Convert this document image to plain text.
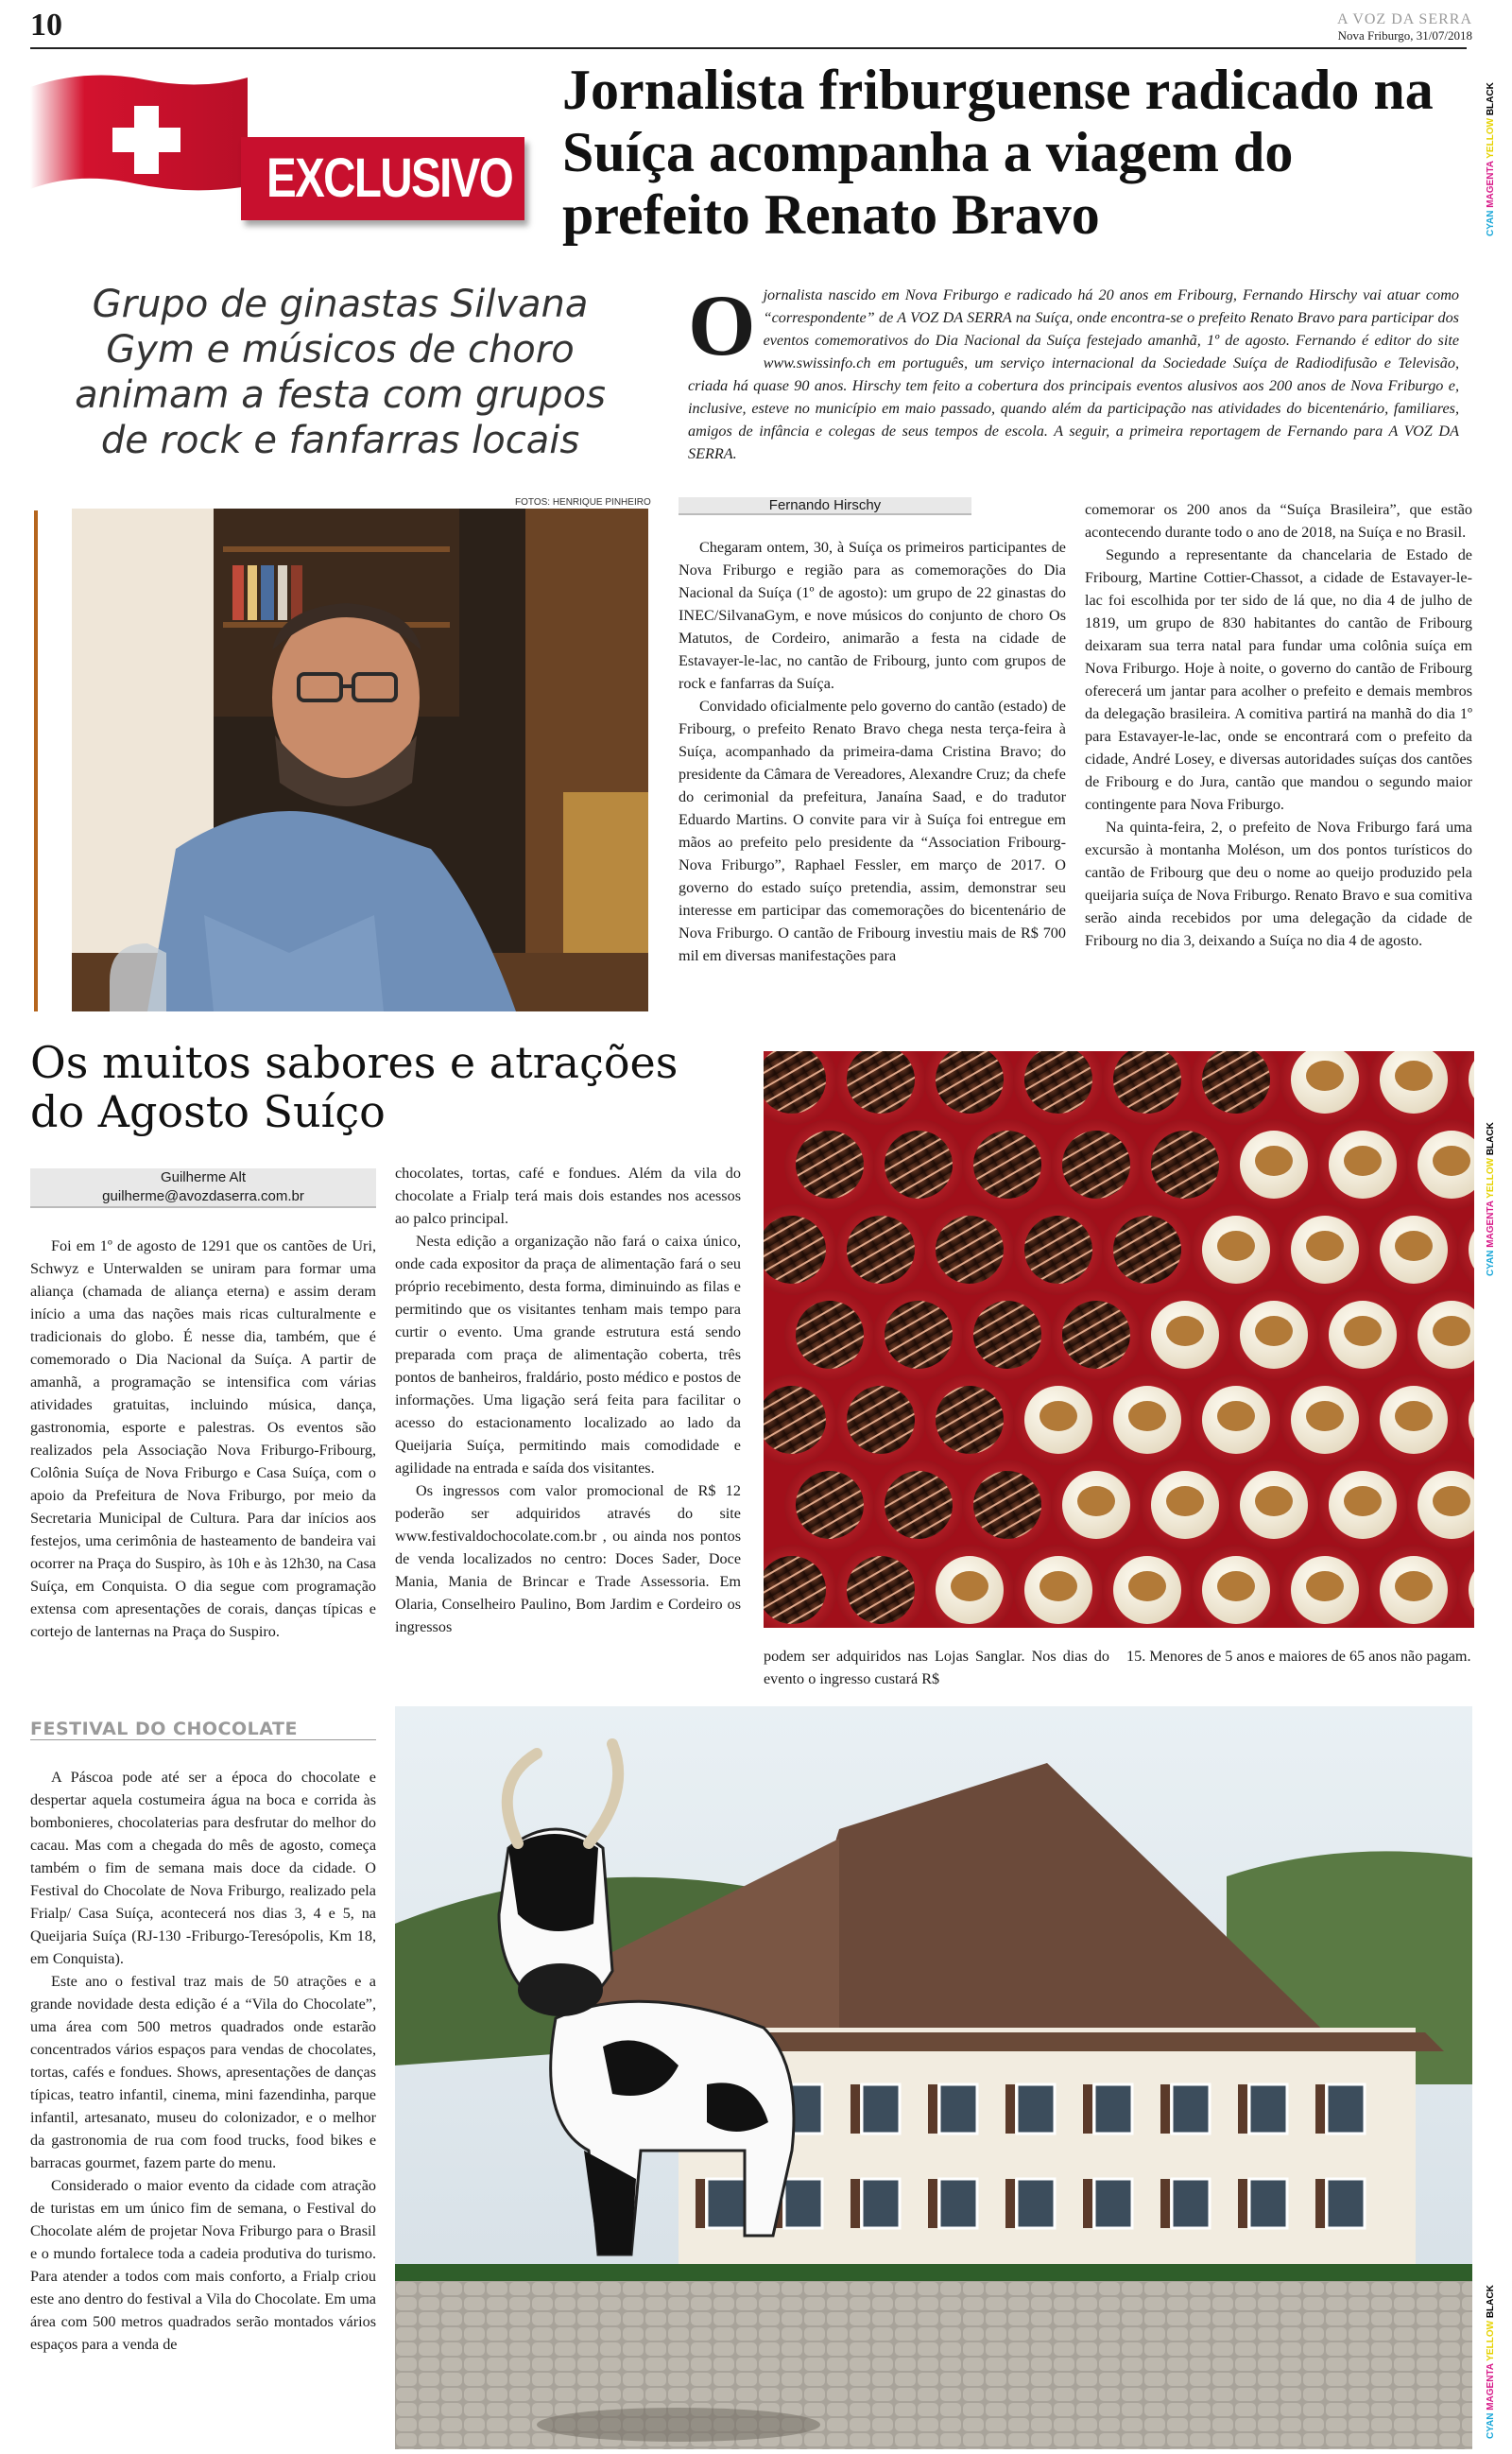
10	A VOZ DA SERRA
Nova Friburgo, 31/07/2018
CYAN MAGENTA YELLOW BLACK
CYAN MAGENTA YELLOW BLACK
CYAN MAGENTA YELLOW BLACK
EXCLUSIVO
Jornalista friburguense radicado na Suíça acompanha a viagem do prefeito Renato Bravo
Grupo de ginastas Silvana Gym e músicos de choro animam a festa com grupos de rock e fanfarras locais
Ojornalista nascido em Nova Friburgo e radicado há 20 anos em Fribourg, Fernando Hirschy vai atuar como “correspondente” de A VOZ DA SERRA na Suíça, onde encontra-se o prefeito Renato Bravo para participar dos eventos comemorativos do Dia Nacional da Suíça festejado amanhã, 1º de agosto. Fernando é editor do site www.swissinfo.ch em português, um serviço internacional da Sociedade Suíça de Radiodifusão e Televisão, criada há quase 90 anos. Hirschy tem feito a cobertura dos principais eventos alusivos aos 200 anos de Nova Friburgo e, inclusive, esteve no município em maio passado, quando além da participação nas atividades do bicentenário, familiares, amigos de infância e colegas de seus tempos de escola. A seguir, a primeira reportagem de Fernando para A VOZ DA SERRA.
FOTOS: HENRIQUE PINHEIRO	Fernando Hirschy

Chegaram ontem, 30, à Suíça os primeiros participantes de Nova Friburgo e região para as comemorações do Dia Nacional da Suíça (1º de agosto): um grupo de 22 ginastas do INEC/SilvanaGym, e nove músicos do conjunto de choro Os Matutos, de Cordeiro, animarão a festa na cidade de Estavayer-le-lac, no cantão de Fribourg, junto com grupos de rock e fanfarras da Suíça.

Convidado oficialmente pelo governo do cantão (estado) de Fribourg, o prefeito Renato Bravo chega nesta terça-feira à Suíça, acompanhado da primeira-dama Cristina Bravo; do presidente da Câmara de Vereadores, Alexandre Cruz; da chefe do cerimonial da prefeitura, Janaína Saad, e do tradutor Eduardo Martins. O convite para vir à Suíça foi entregue em mãos ao prefeito pelo presidente da “Association Fribourg-Nova Friburgo”, Raphael Fessler, em março de 2017. O governo do estado suíço pretendia, assim, demonstrar seu interesse em participar das comemorações do bicentenário de Nova Friburgo. O cantão de Fribourg investiu mais de R$ 700 mil em diversas manifestações para

comemorar os 200 anos da “Suíça Brasileira”, que estão acontecendo durante todo o ano de 2018, na Suíça e no Brasil.

Segundo a representante da chancelaria de Estado de Fribourg, Martine Cottier-Chassot, a cidade de Estavayer-le-lac foi escolhida por ter sido de lá que, no dia 4 de julho de 1819, um grupo de 830 habitantes do cantão de Fribourg deixaram sua terra natal para fundar uma colônia suíça em Nova Friburgo. Hoje à noite, o governo do cantão de Fribourg oferecerá um jantar para acolher o prefeito e demais membros da delegação brasileira. A comitiva partirá na manhã do dia 1º para Estavayer-le-lac, onde se encontrará com o prefeito da cidade, André Losey, e diversas autoridades suíças dos cantões de Fribourg e do Jura, cantão que mandou o segundo maior contingente para Nova Friburgo.

Na quinta-feira, 2, o prefeito de Nova Friburgo fará uma excursão à montanha Moléson, um dos pontos turísticos do cantão de Fribourg que deu o nome ao queijo produzido pela queijaria suíça de Nova Friburgo. Renato Bravo e sua comitiva serão ainda recebidos por uma delegação da cidade de Fribourg no dia 3, deixando a Suíça no dia 4 de agosto.

Os muitos sabores e atrações do Agosto Suíço
Guilherme Alt
guilherme@avozdaserra.com.br

Foi em 1º de agosto de 1291 que os cantões de Uri, Schwyz e Unterwalden se uniram para formar uma aliança (chamada de aliança eterna) e assim deram início a uma das nações mais ricas culturalmente e tradicionais do globo. É nesse dia, também, que é comemorado o Dia Nacional da Suíça. A partir de amanhã, a programação se intensifica com várias atividades gratuitas, incluindo música, dança, gastronomia, esporte e palestras. Os eventos são realizados pela Associação Nova Friburgo-Fribourg, Colônia Suíça de Nova Friburgo e Casa Suíça, com o apoio da Prefeitura de Nova Friburgo, por meio da Secretaria Municipal de Cultura. Para dar inícios aos festejos, uma cerimônia de hasteamento de bandeira vai ocorrer na Praça do Suspiro, às 10h e às 12h30, na Casa Suíça, em Conquista. O dia segue com programação extensa com apresentações de corais, danças típicas e cortejo de lanternas na Praça do Suspiro.

FESTIVAL DO CHOCOLATE

A Páscoa pode até ser a época do chocolate e despertar aquela costumeira água na boca e corrida às bombonieres, chocolaterias para desfrutar do melhor do cacau. Mas com a chegada do mês de agosto, começa também o fim de semana mais doce da cidade. O Festival do Chocolate de Nova Friburgo, realizado pela Frialp/ Casa Suíça, acontecerá nos dias 3, 4 e 5, na Queijaria Suíça (RJ-130 -Friburgo-Teresópolis, Km 18, em Conquista).

Este ano o festival traz mais de 50 atrações e a grande novidade desta edição é a “Vila do Chocolate”, uma área com 500 metros quadrados onde estarão concentrados vários espaços para vendas de chocolates, tortas, cafés e fondues. Shows, apresentações de danças típicas, teatro infantil, cinema, mini fazendinha, parque infantil, artesanato, museu do colonizador, e o melhor da gastronomia de rua com food trucks, food bikes e barracas gourmet, fazem parte do menu.

Considerado o maior evento da cidade com atração de turistas em um único fim de semana, o Festival do Chocolate além de projetar Nova Friburgo para o Brasil e o mundo fortalece toda a cadeia produtiva do turismo. Para atender a todos com mais conforto, a Frialp criou este ano dentro do festival a Vila do Chocolate. Em uma área com 500 metros quadrados serão montados vários espaços para a venda de

chocolates, tortas, café e fondues. Além da vila do chocolate a Frialp terá mais dois estandes nos acessos ao palco principal.

Nesta edição a organização não fará o caixa único, onde cada expositor da praça de alimentação fará o seu próprio recebimento, desta forma, diminuindo as filas e permitindo que os visitantes tenham mais tempo para curtir o evento. Uma grande estrutura está sendo preparada com praça de alimentação coberta, três pontos de banheiros, fraldário, posto médico e postos de informações. Uma ligação será feita para facilitar o acesso do estacionamento localizado ao lado da Queijaria Suíça, permitindo mais comodidade e agilidade na entrada e saída dos visitantes.

Os ingressos com valor promocional de R$ 12 poderão ser adquiridos através do site www.festivaldochocolate.com.br , ou ainda nos pontos de venda localizados no centro: Doces Sader, Doce Mania, Mania de Brincar e Trade Assessoria. Em Olaria, Conselheiro Paulino, Bom Jardim e Cordeiro os ingressos

podem ser adquiridos nas Lojas Sanglar. Nos dias do evento o ingresso custará R$

15. Menores de 5 anos e maiores de 65 anos não pagam.
